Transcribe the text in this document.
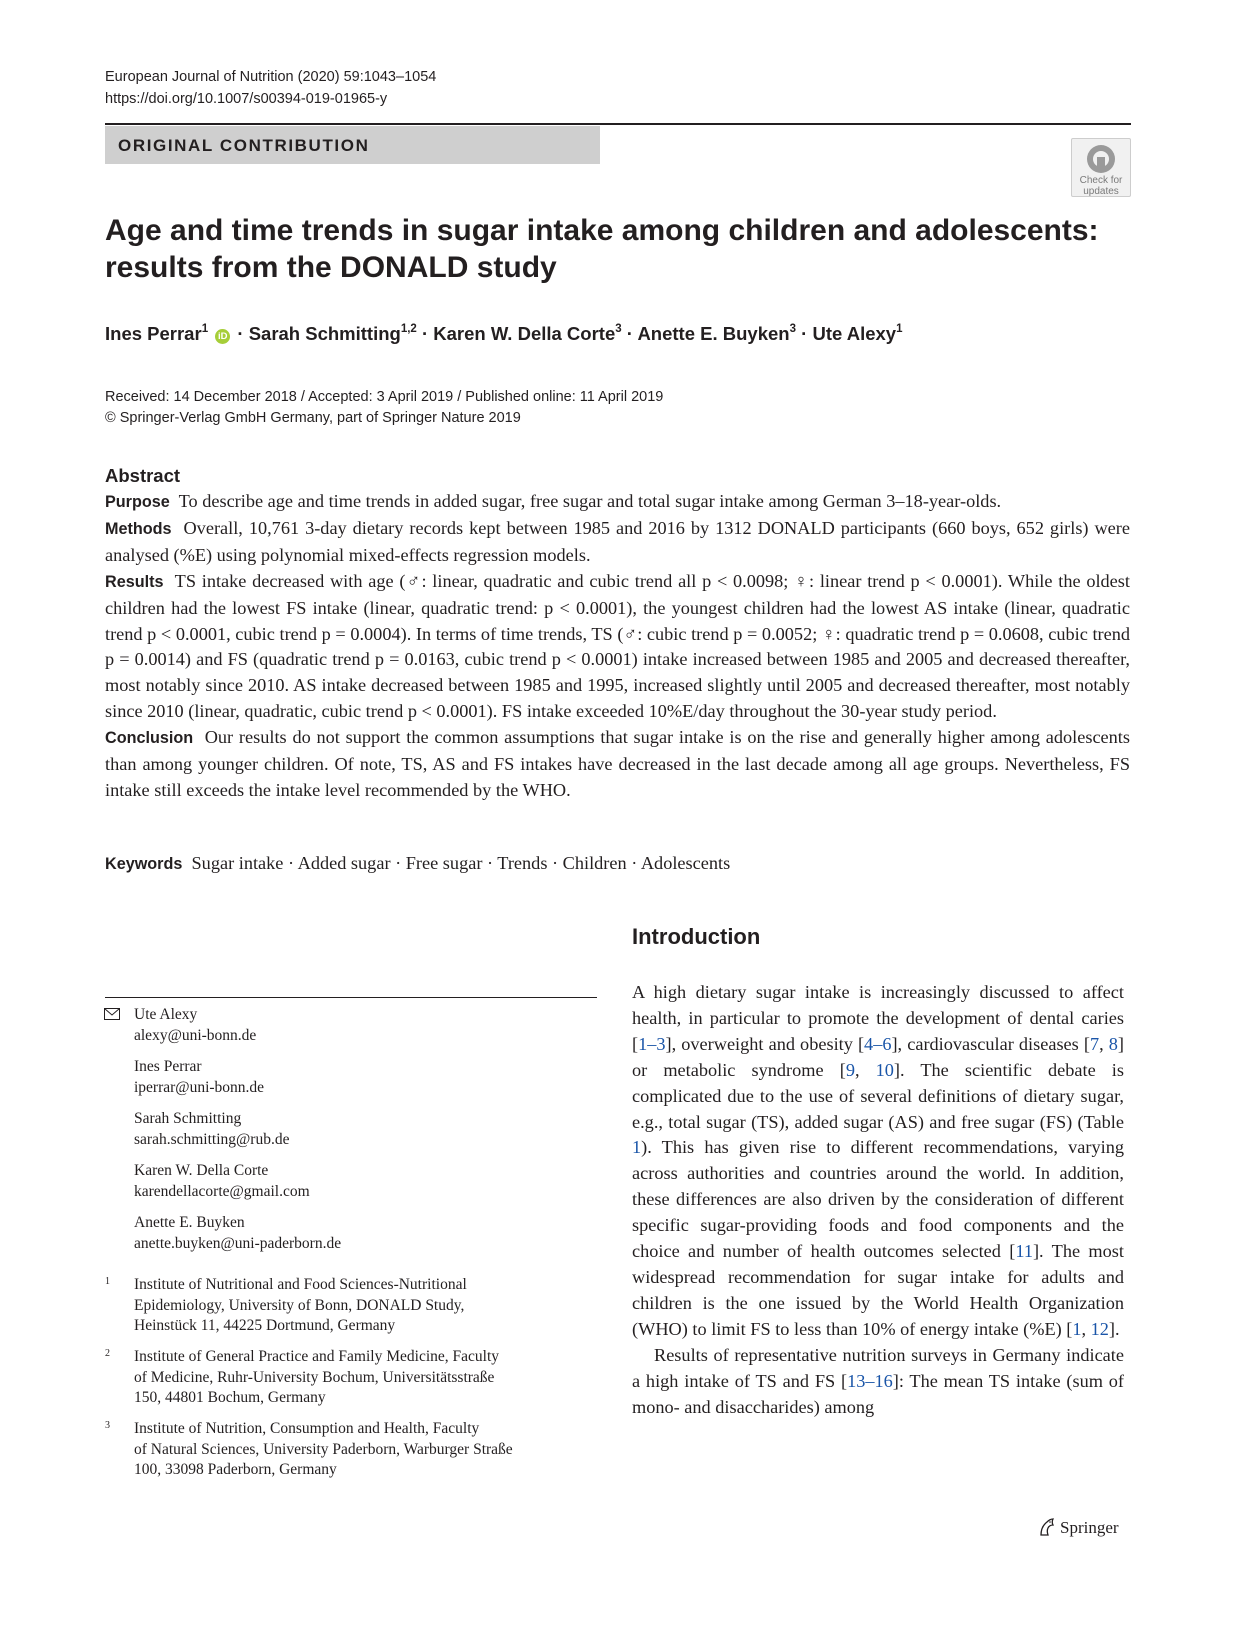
European Journal of Nutrition (2020) 59:1043–1054
https://doi.org/10.1007/s00394-019-01965-y
ORIGINAL CONTRIBUTION
Check for
updates
Age and time trends in sugar intake among children and adolescents:
results from the DONALD study
Ines Perrar$^1$ iD · Sarah Schmitting$^{1,2}$ · Karen W. Della Corte$^3$ · Anette E. Buyken$^3$ · Ute Alexy$^1$
Received: 14 December 2018 / Accepted: 3 April 2019 / Published online: 11 April 2019
© Springer-Verlag GmbH Germany, part of Springer Nature 2019
Abstract

Purpose To describe age and time trends in added sugar, free sugar and total sugar intake among German 3–18-year-olds.

Methods Overall, 10,761 3-day dietary records kept between 1985 and 2016 by 1312 DONALD participants (660 boys, 652 girls) were analysed (%E) using polynomial mixed-effects regression models.

Results TS intake decreased with age (♂: linear, quadratic and cubic trend all p < 0.0098; ♀: linear trend p < 0.0001). While the oldest children had the lowest FS intake (linear, quadratic trend: p < 0.0001), the youngest children had the lowest AS intake (linear, quadratic trend p < 0.0001, cubic trend p = 0.0004). In terms of time trends, TS (♂: cubic trend p = 0.0052; ♀: quadratic trend p = 0.0608, cubic trend p = 0.0014) and FS (quadratic trend p = 0.0163, cubic trend p < 0.0001) intake increased between 1985 and 2005 and decreased thereafter, most notably since 2010. AS intake decreased between 1985 and 1995, increased slightly until 2005 and decreased thereafter, most notably since 2010 (linear, quadratic, cubic trend p < 0.0001). FS intake exceeded 10%E/day throughout the 30-year study period.

Conclusion Our results do not support the common assumptions that sugar intake is on the rise and generally higher among adolescents than among younger children. Of note, TS, AS and FS intakes have decreased in the last decade among all age groups. Nevertheless, FS intake still exceeds the intake level recommended by the WHO.

Keywords Sugar intake · Added sugar · Free sugar · Trends · Children · Adolescents
Ute Alexy
alexy@uni-bonn.de
Ines Perrar
iperrar@uni-bonn.de
Sarah Schmitting
sarah.schmitting@rub.de
Karen W. Della Corte
karendellacorte@gmail.com
Anette E. Buyken
anette.buyken@uni-paderborn.de
1 Institute of Nutritional and Food Sciences-Nutritional
Epidemiology, University of Bonn, DONALD Study,
Heinstück 11, 44225 Dortmund, Germany
2 Institute of General Practice and Family Medicine, Faculty
of Medicine, Ruhr-University Bochum, Universitätsstraße
150, 44801 Bochum, Germany
3 Institute of Nutrition, Consumption and Health, Faculty
of Natural Sciences, University Paderborn, Warburger Straße
100, 33098 Paderborn, Germany
Introduction

A high dietary sugar intake is increasingly discussed to affect health, in particular to promote the development of dental caries [1–3], overweight and obesity [4–6], cardiovascular diseases [7, 8] or metabolic syndrome [9, 10]. The scientific debate is complicated due to the use of several definitions of dietary sugar, e.g., total sugar (TS), added sugar (AS) and free sugar (FS) (Table 1). This has given rise to different recommendations, varying across authorities and countries around the world. In addition, these differences are also driven by the consideration of different specific sugar-providing foods and food components and the choice and number of health outcomes selected [11]. The most widespread recommendation for sugar intake for adults and children is the one issued by the World Health Organization (WHO) to limit FS to less than 10% of energy intake (%E) [1, 12].

Results of representative nutrition surveys in Germany indicate a high intake of TS and FS [13–16]: The mean TS intake (sum of mono- and disaccharides) among

Springer
